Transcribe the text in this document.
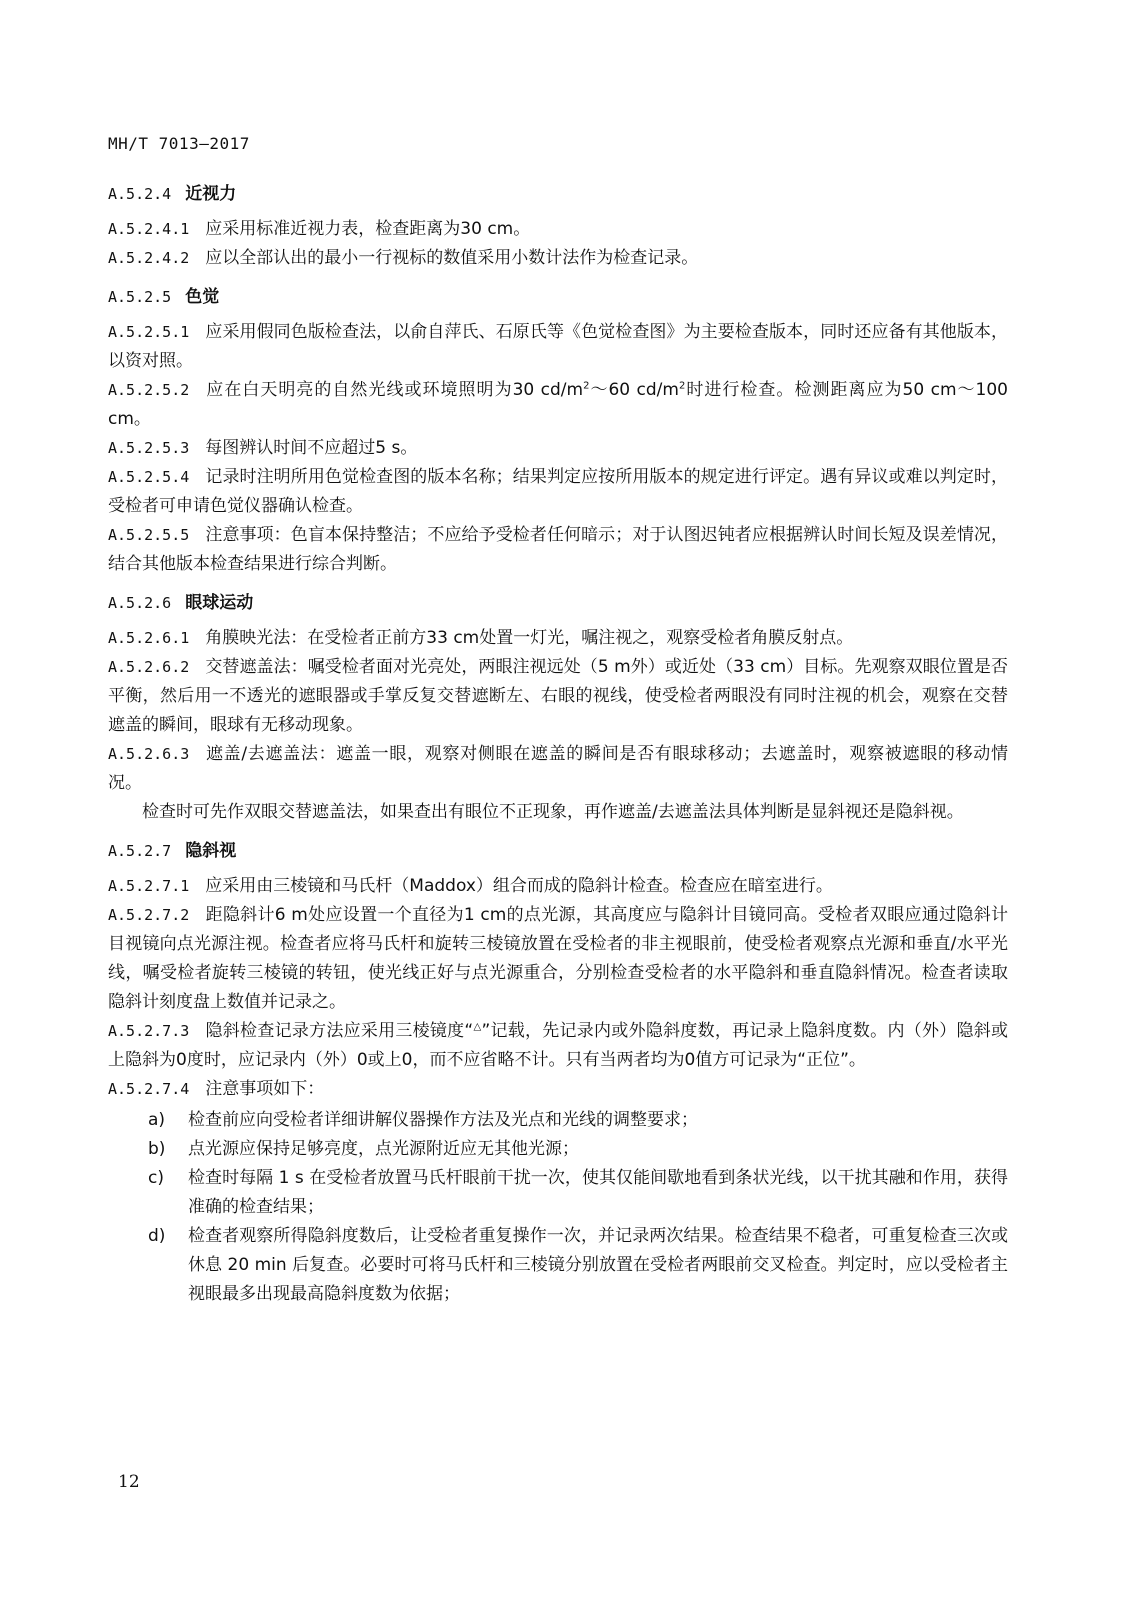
MH/T 7013—2017
A.5.2.4 近视力

A.5.2.4.1 应采用标准近视力表，检查距离为30 cm。

A.5.2.4.2 应以全部认出的最小一行视标的数值采用小数计法作为检查记录。

A.5.2.5 色觉

A.5.2.5.1 应采用假同色版检查法，以俞自萍氏、石原氏等《色觉检查图》为主要检查版本，同时还应备有其他版本，以资对照。

A.5.2.5.2 应在白天明亮的自然光线或环境照明为30 $cd/m^2\sim 60$ $cd/m^2$时进行检查。检测距离应为50 cm～100 cm。

A.5.2.5.3 每图辨认时间不应超过5 s。

A.5.2.5.4 记录时注明所用色觉检查图的版本名称；结果判定应按所用版本的规定进行评定。遇有异议或难以判定时，受检者可申请色觉仪器确认检查。

A.5.2.5.5 注意事项：色盲本保持整洁；不应给予受检者任何暗示；对于认图迟钝者应根据辨认时间长短及误差情况，结合其他版本检查结果进行综合判断。

A.5.2.6 眼球运动

A.5.2.6.1 角膜映光法：在受检者正前方33 cm处置一灯光，嘱注视之，观察受检者角膜反射点。

A.5.2.6.2 交替遮盖法：嘱受检者面对光亮处，两眼注视远处（5 m外）或近处（33 cm）目标。先观察双眼位置是否平衡，然后用一不透光的遮眼器或手掌反复交替遮断左、右眼的视线，使受检者两眼没有同时注视的机会，观察在交替遮盖的瞬间，眼球有无移动现象。

A.5.2.6.3 遮盖/去遮盖法：遮盖一眼，观察对侧眼在遮盖的瞬间是否有眼球移动；去遮盖时，观察被遮眼的移动情况。

检查时可先作双眼交替遮盖法，如果查出有眼位不正现象，再作遮盖/去遮盖法具体判断是显斜视还是隐斜视。

A.5.2.7 隐斜视

A.5.2.7.1 应采用由三棱镜和马氏杆（Maddox）组合而成的隐斜计检查。检查应在暗室进行。

A.5.2.7.2 距隐斜计6 m处应设置一个直径为1 cm的点光源，其高度应与隐斜计目镜同高。受检者双眼应通过隐斜计目视镜向点光源注视。检查者应将马氏杆和旋转三棱镜放置在受检者的非主视眼前，使受检者观察点光源和垂直/水平光线，嘱受检者旋转三棱镜的转钮，使光线正好与点光源重合，分别检查受检者的水平隐斜和垂直隐斜情况。检查者读取隐斜计刻度盘上数值并记录之。

A.5.2.7.3 隐斜检查记录方法应采用三棱镜度“△”记载，先记录内或外隐斜度数，再记录上隐斜度数。内（外）隐斜或上隐斜为0度时，应记录内（外）0或上0，而不应省略不计。只有当两者均为0值方可记录为“正位”。

A.5.2.7.4 注意事项如下：

a)	检查前应向受检者详细讲解仪器操作方法及光点和光线的调整要求；
b)	点光源应保持足够亮度，点光源附近应无其他光源；
c)	检查时每隔 1 s 在受检者放置马氏杆眼前干扰一次，使其仅能间歇地看到条状光线，以干扰其融和作用，获得准确的检查结果；
d)	检查者观察所得隐斜度数后，让受检者重复操作一次，并记录两次结果。检查结果不稳者，可重复检查三次或休息 20 min 后复查。必要时可将马氏杆和三棱镜分别放置在受检者两眼前交叉检查。判定时，应以受检者主视眼最多出现最高隐斜度数为依据；
12
